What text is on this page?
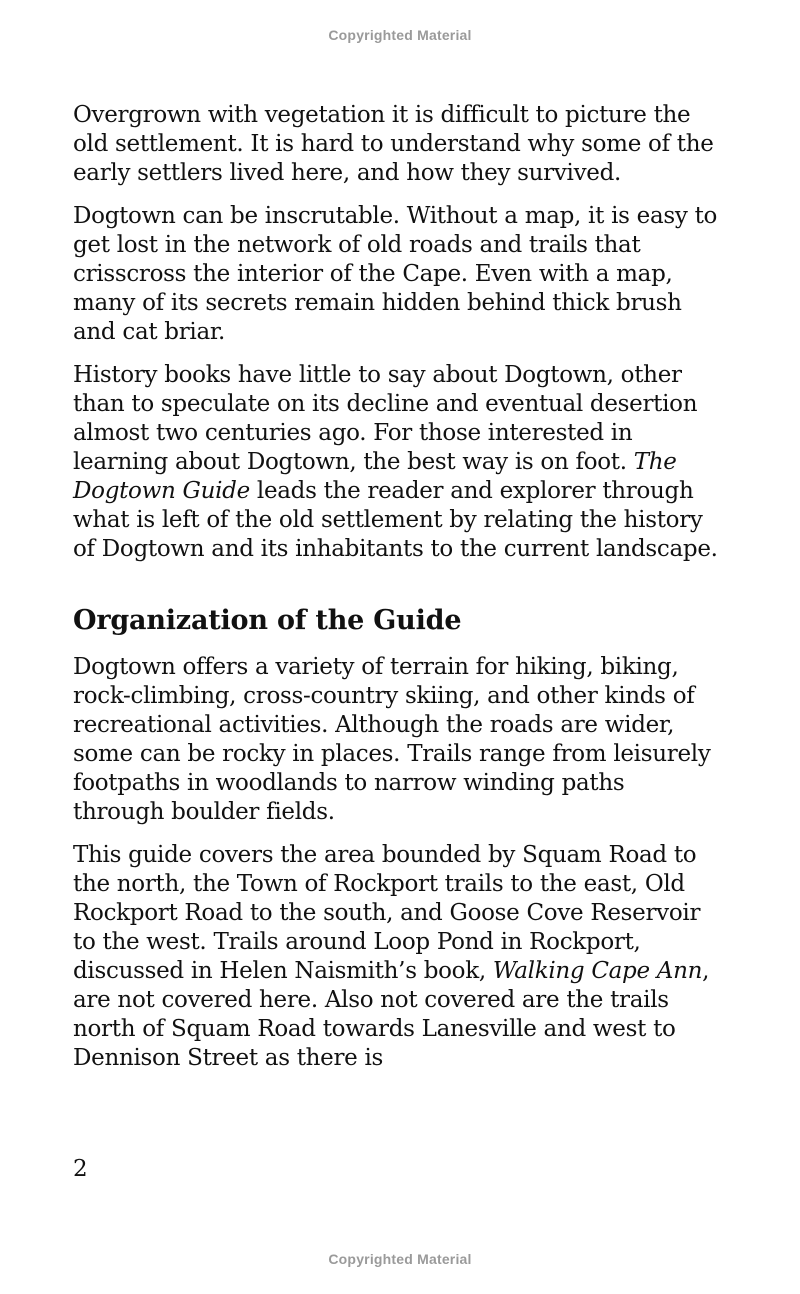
Copyrighted Material

Overgrown with vegetation it is difficult to picture the old settlement. It is hard to understand why some of the early settlers lived here, and how they survived.

Dogtown can be inscrutable. Without a map, it is easy to get lost in the network of old roads and trails that crisscross the interior of the Cape. Even with a map, many of its secrets remain hidden behind thick brush and cat briar.

History books have little to say about Dogtown, other than to speculate on its decline and eventual desertion almost two centuries ago. For those interested in learning about Dogtown, the best way is on foot. The Dogtown Guide leads the reader and explorer through what is left of the old settlement by relating the history of Dogtown and its inhabitants to the current landscape.

Organization of the Guide

Dogtown offers a variety of terrain for hiking, biking, rock-climbing, cross-country skiing, and other kinds of recreational activities. Although the roads are wider, some can be rocky in places. Trails range from leisurely footpaths in woodlands to narrow winding paths through boulder fields.

This guide covers the area bounded by Squam Road to the north, the Town of Rockport trails to the east, Old Rockport Road to the south, and Goose Cove Reservoir to the west. Trails around Loop Pond in Rockport, discussed in Helen Naismith’s book, Walking Cape Ann, are not covered here. Also not covered are the trails north of Squam Road towards Lanesville and west to Dennison Street as there is

2
Copyrighted Material
